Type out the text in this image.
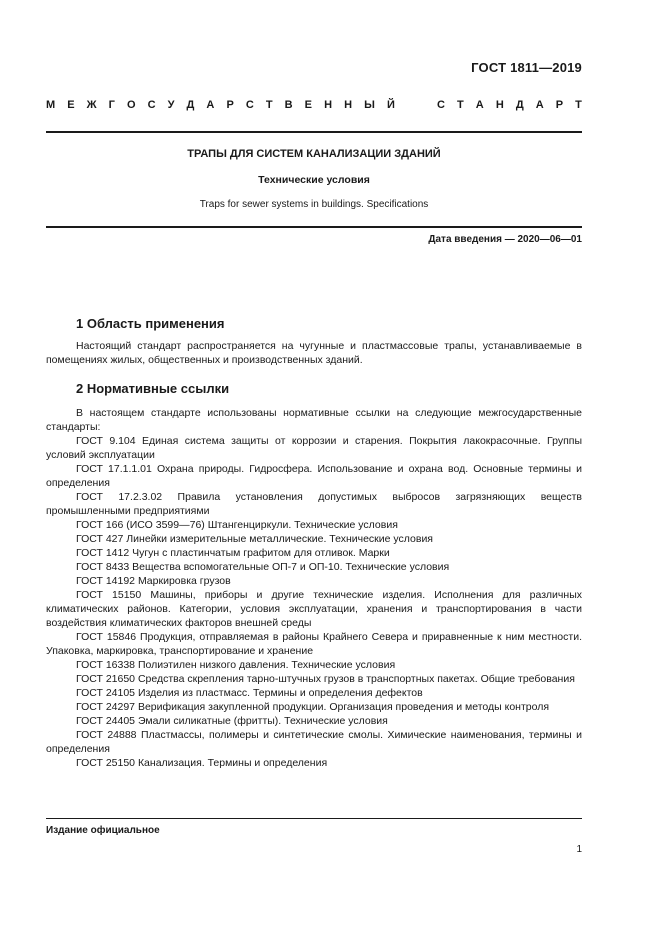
ГОСТ 1811—2019
М Е Ж Г О С У Д А Р С Т В Е Н Н Ы Й	С Т А Н Д А Р Т
ТРАПЫ ДЛЯ СИСТЕМ КАНАЛИЗАЦИИ ЗДАНИЙ
Технические условия
Traps for sewer systems in buildings. Specifications
Дата введения — 2020—06—01
1 Область применения
Настоящий стандарт распространяется на чугунные и пластмассовые трапы, устанавливаемые в помещениях жилых, общественных и производственных зданий.
2 Нормативные ссылки
В настоящем стандарте использованы нормативные ссылки на следующие межгосударственные стандарты:
ГОСТ 9.104 Единая система защиты от коррозии и старения. Покрытия лакокрасочные. Группы условий эксплуатации
ГОСТ 17.1.1.01 Охрана природы. Гидросфера. Использование и охрана вод. Основные термины и определения
ГОСТ 17.2.3.02 Правила установления допустимых выбросов загрязняющих веществ промышленными предприятиями
ГОСТ 166 (ИСО 3599—76) Штангенциркули. Технические условия
ГОСТ 427 Линейки измерительные металлические. Технические условия
ГОСТ 1412 Чугун с пластинчатым графитом для отливок. Марки
ГОСТ 8433 Вещества вспомогательные ОП-7 и ОП-10. Технические условия
ГОСТ 14192 Маркировка грузов
ГОСТ 15150 Машины, приборы и другие технические изделия. Исполнения для различных климатических районов. Категории, условия эксплуатации, хранения и транспортирования в части воздействия климатических факторов внешней среды
ГОСТ 15846 Продукция, отправляемая в районы Крайнего Севера и приравненные к ним местности. Упаковка, маркировка, транспортирование и хранение
ГОСТ 16338 Полиэтилен низкого давления. Технические условия
ГОСТ 21650 Средства скрепления тарно-штучных грузов в транспортных пакетах. Общие требования
ГОСТ 24105 Изделия из пластмасс. Термины и определения дефектов
ГОСТ 24297 Верификация закупленной продукции. Организация проведения и методы контроля
ГОСТ 24405 Эмали силикатные (фритты). Технические условия
ГОСТ 24888 Пластмассы, полимеры и синтетические смолы. Химические наименования, термины и определения
ГОСТ 25150 Канализация. Термины и определения
Издание официальное
1
